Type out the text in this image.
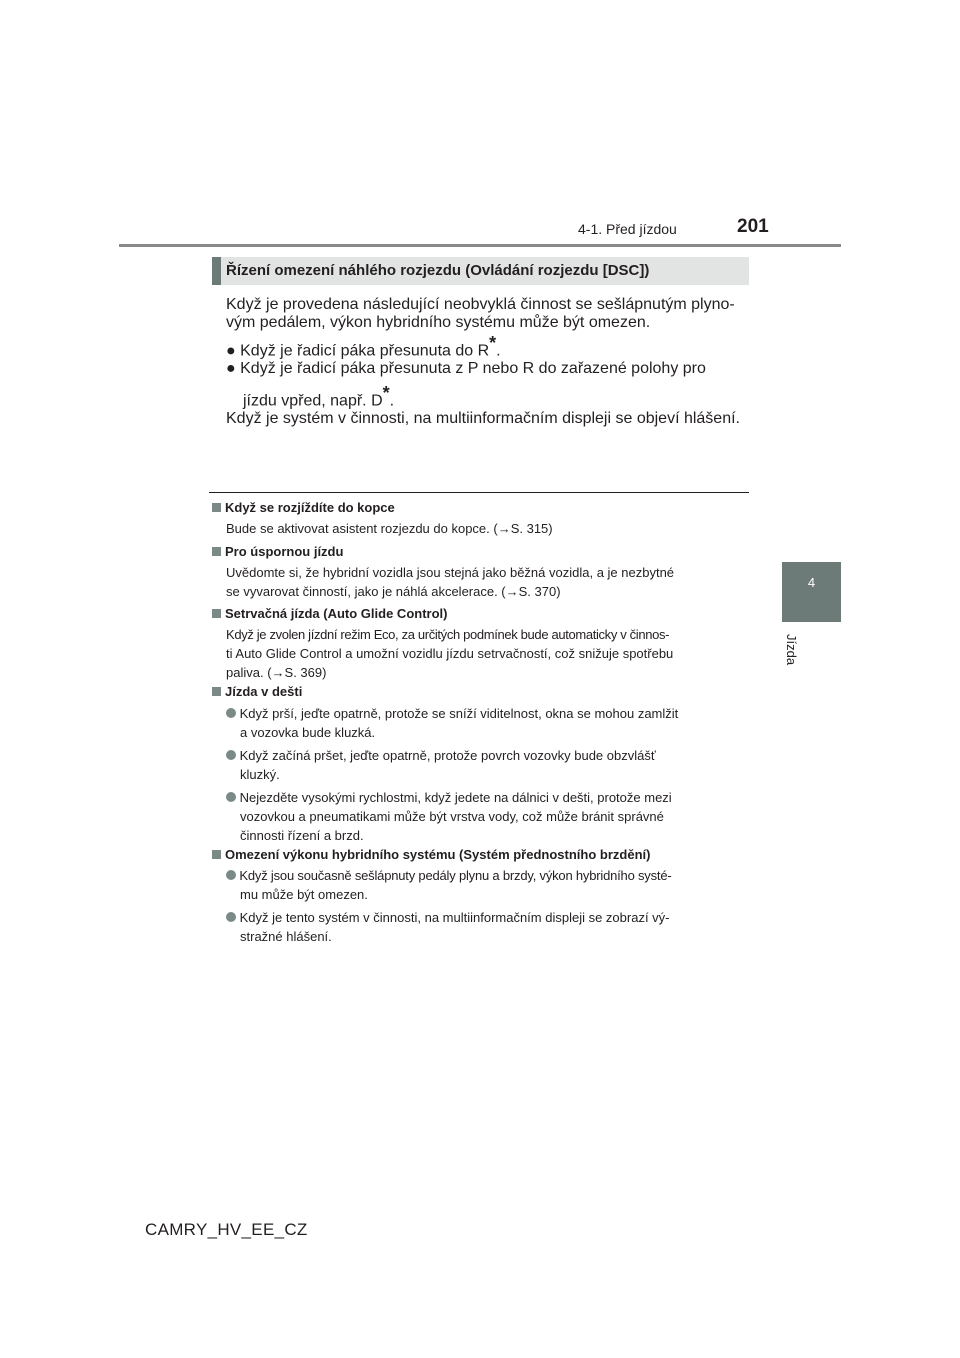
4-1. Před jízdou	201
4
Jízda
Řízení omezení náhlého rozjezdu (Ovládání rozjezdu [DSC])
Když je provedena následující neobvyklá činnost se sešlápnutým plyno-
vým pedálem, výkon hybridního systému může být omezen.
● Když je řadicí páka přesunuta do R*.
● Když je řadicí páka přesunuta z P nebo R do zařazené polohy pro
jízdu vpřed, např. D*.
Když je systém v činnosti, na multiinformačním displeji se objeví hlášení.
Když se rozjíždíte do kopce
Bude se aktivovat asistent rozjezdu do kopce. (→S. 315)
Pro úspornou jízdu
Uvědomte si, že hybridní vozidla jsou stejná jako běžná vozidla, a je nezbytné
se vyvarovat činností, jako je náhlá akcelerace. (→S. 370)
Setrvačná jízda (Auto Glide Control)
Když je zvolen jízdní režim Eco, za určitých podmínek bude automaticky v činnos-
ti Auto Glide Control a umožní vozidlu jízdu setrvačností, což snižuje spotřebu
paliva. (→S. 369)
Jízda v dešti
Když prší, jeďte opatrně, protože se sníží viditelnost, okna se mohou zamlžit
a vozovka bude kluzká.
Když začíná pršet, jeďte opatrně, protože povrch vozovky bude obzvlášť
kluzký.
Nejezděte vysokými rychlostmi, když jedete na dálnici v dešti, protože mezi
vozovkou a pneumatikami může být vrstva vody, což může bránit správné
činnosti řízení a brzd.
Omezení výkonu hybridního systému (Systém přednostního brzdění)
Když jsou současně sešlápnuty pedály plynu a brzdy, výkon hybridního systé-
mu může být omezen.
Když je tento systém v činnosti, na multiinformačním displeji se zobrazí vý-
stražné hlášení.
CAMRY_HV_EE_CZ
